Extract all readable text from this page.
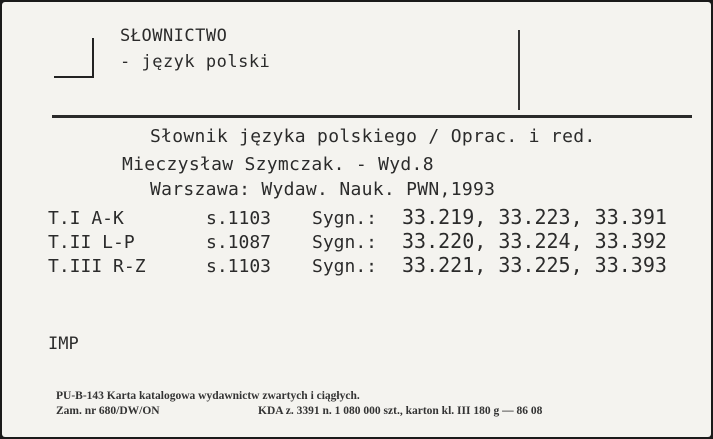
SŁOWNICTWO
- język polski
Słownik języka polskiego / Oprac. i red.
Mieczysław Szymczak. - Wyd.8
Warszawa: Wydaw. Nauk. PWN,1993
T.I A-K	s.1103 Sygn.: 33.219, 33.223, 33.391
T.II L-P	s.1087 Sygn.: 33.220, 33.224, 33.392
T.III R-Z	s.1103 Sygn.: 33.221, 33.225, 33.393
IMP
PU-B-143 Karta katalogowa wydawnictw zwartych i ciągłych.
Zam. nr 680/DW/ON	KDA z. 3391 n. 1 080 000 szt., karton kl. III 180 g — 86 08
